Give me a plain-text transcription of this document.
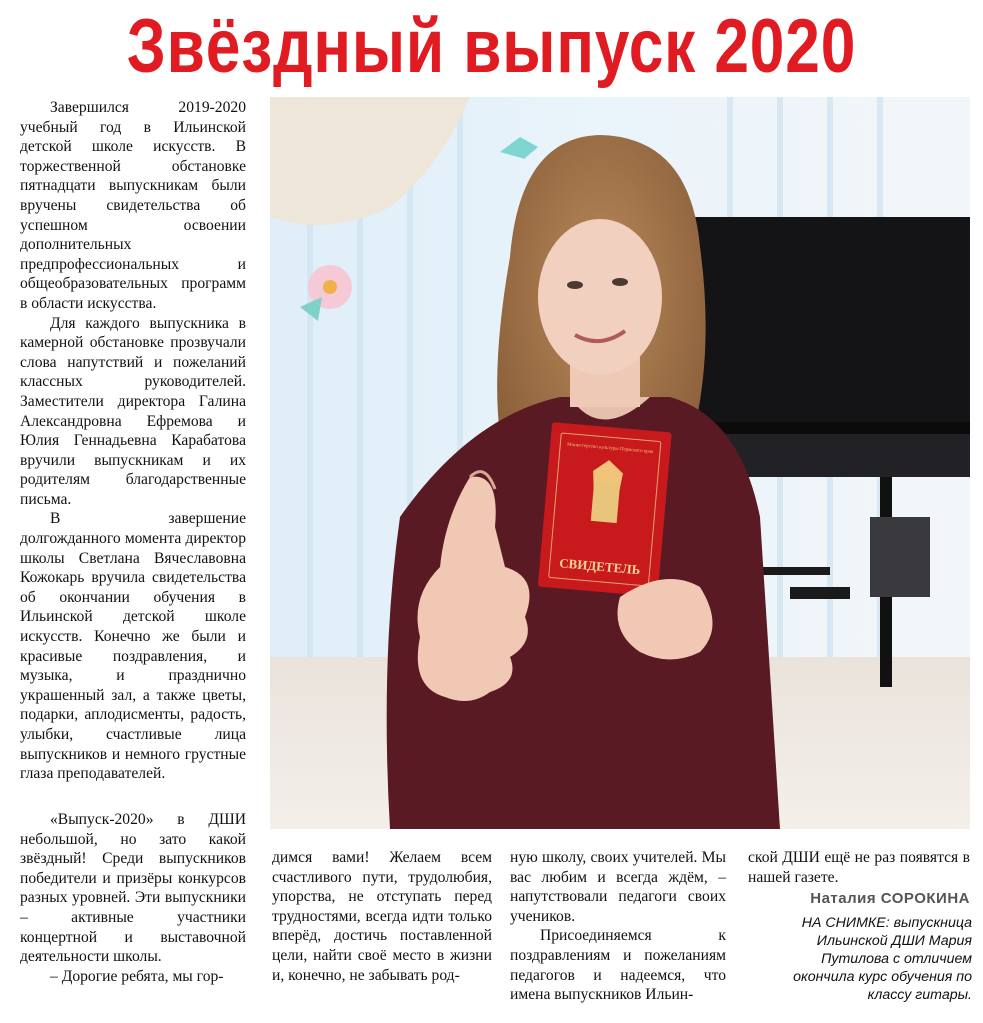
Звёздный выпуск 2020

Завершился 2019-2020 учебный год в Ильинской детской школе искусств. В торжественной обстановке пятнадцати выпускникам были вручены свидетельства об успешном освоении дополнительных предпрофессиональных и общеобразовательных программ в области искусства.

Для каждого выпускника в камерной обстановке прозвучали слова напутствий и пожеланий классных руководителей. Заместители директора Галина Александровна Ефремова и Юлия Геннадьевна Карабатова вручили выпускникам и их родителям благодарственные письма.

В завершение долгожданного момента директор школы Светлана Вячеславовна Кожокарь вручила свидетельства об окончании обучения в Ильинской детской школе искусств. Конечно же были и красивые поздравления, и музыка, и празднично украшенный зал, а также цветы, подарки, аплодисменты, радость, улыбки, счастливые лица выпускников и немного грустные глаза преподавателей.

«Выпуск-2020» в ДШИ небольшой, но зато какой звёздный! Среди выпускников победители и призёры конкурсов разных уровней. Эти выпускники – активные участники концертной и выставочной деятельности школы.

– Дорогие ребята, мы гор-

димся вами! Желаем всем счастливого пути, трудолюбия, упорства, не отступать перед трудностями, всегда идти только вперёд, достичь поставленной цели, найти своё место в жизни и, конечно, не забывать род-

ную школу, своих учителей. Мы вас любим и всегда ждём, – напутствовали педагоги своих учеников.

Присоединяемся к поздравлениям и пожеланиям педагогов и надеемся, что имена выпускников Ильин-

ской ДШИ ещё не раз появятся в нашей газете.

Наталия СОРОКИНА
НА СНИМКЕ: выпускница Ильинской ДШИ Мария Путилова с отличием окончила курс обучения по классу гитары.
Министерство культуры Пермского края
СВИДЕТЕЛЬ
